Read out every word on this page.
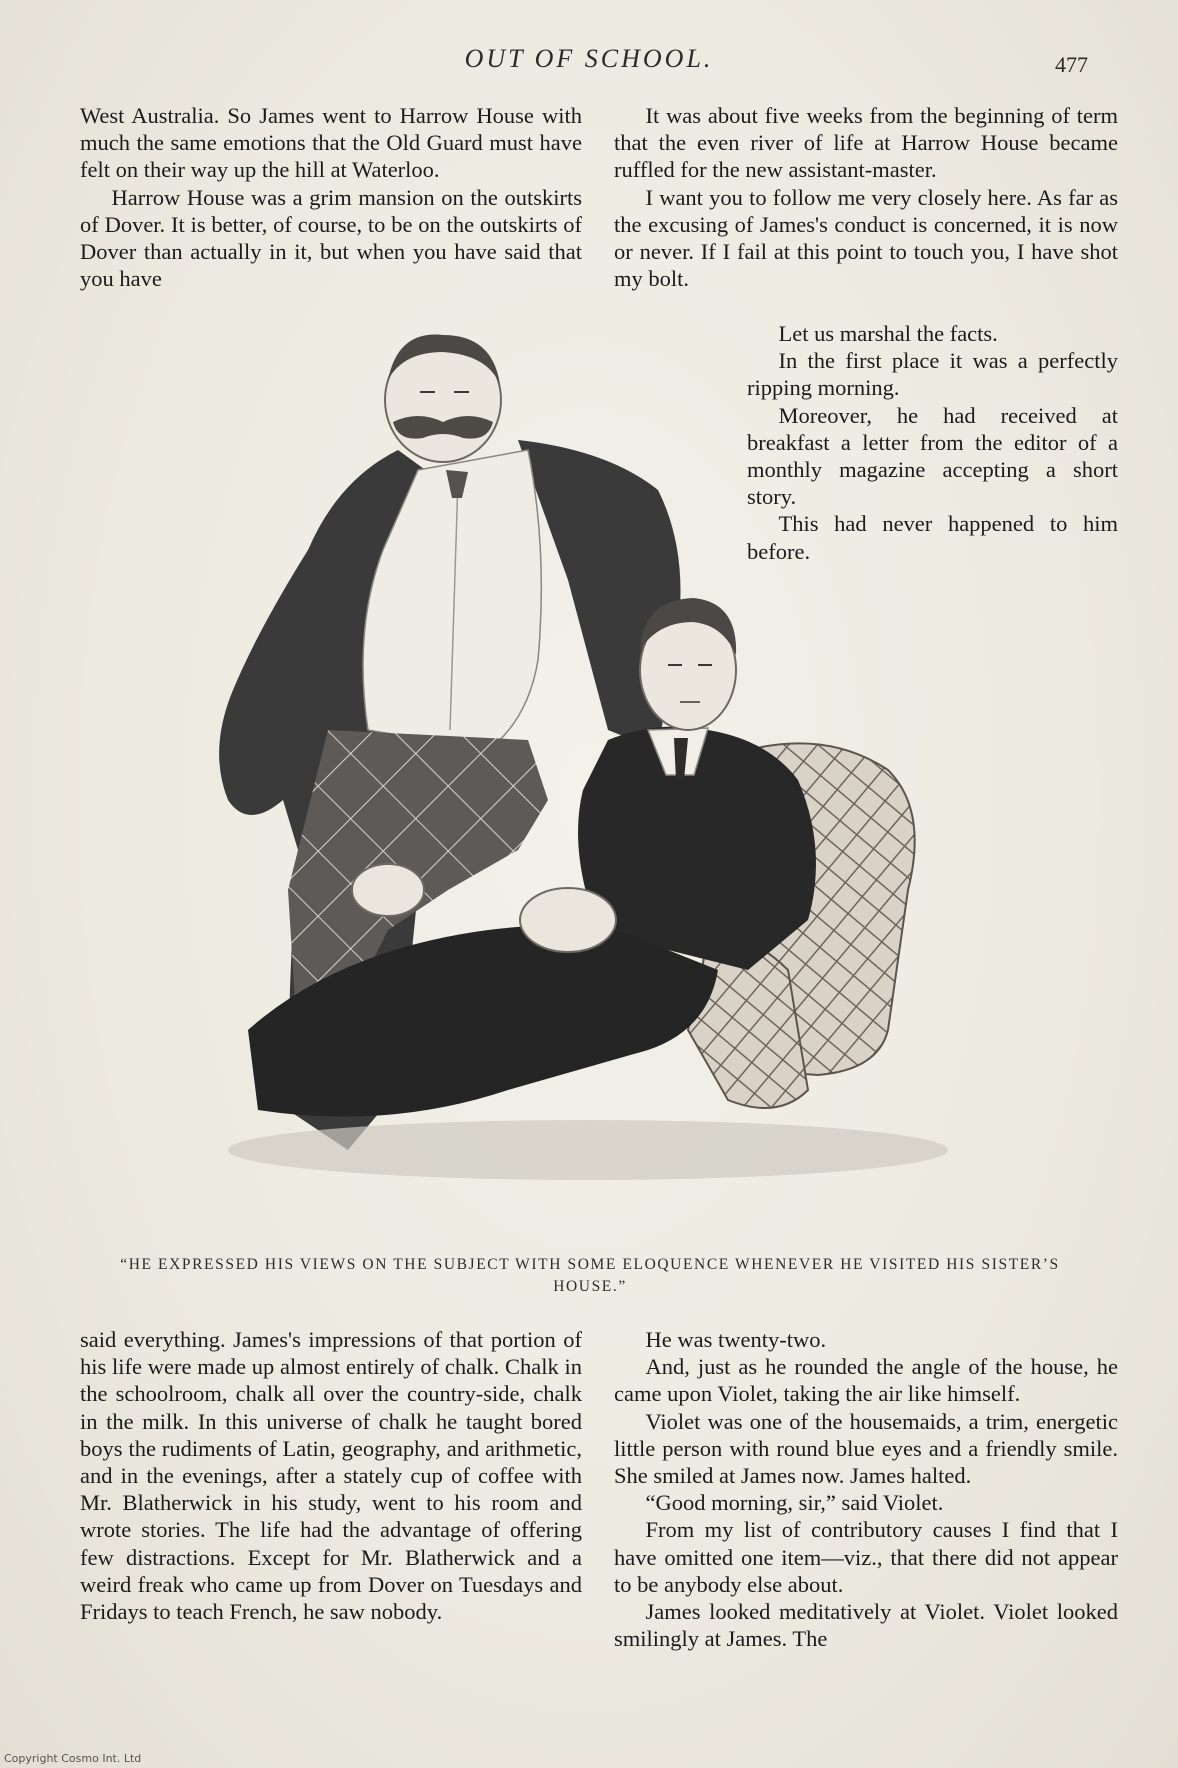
OUT OF SCHOOL.	477

West Australia. So James went to Harrow House with much the same emotions that the Old Guard must have felt on their way up the hill at Waterloo.

Harrow House was a grim mansion on the outskirts of Dover. It is better, of course, to be on the outskirts of Dover than actually in it, but when you have said that you have

It was about five weeks from the beginning of term that the even river of life at Harrow House became ruffled for the new assistant-master.

I want you to follow me very closely here. As far as the excusing of James's conduct is concerned, it is now or never. If I fail at this point to touch you, I have shot my bolt.

Let us marshal the facts.

In the first place it was a perfectly ripping morning.

Moreover, he had received at breakfast a letter from the editor of a monthly magazine accepting a short story.

This had never happened to him before.

“HE EXPRESSED HIS VIEWS ON THE SUBJECT WITH SOME ELOQUENCE WHENEVER HE VISITED HIS SISTER’S HOUSE.”

said everything. James's impressions of that portion of his life were made up almost entirely of chalk. Chalk in the schoolroom, chalk all over the country-side, chalk in the milk. In this universe of chalk he taught bored boys the rudiments of Latin, geography, and arithmetic, and in the evenings, after a stately cup of coffee with Mr. Blatherwick in his study, went to his room and wrote stories. The life had the advantage of offering few distractions. Except for Mr. Blatherwick and a weird freak who came up from Dover on Tuesdays and Fridays to teach French, he saw nobody.

He was twenty-two.

And, just as he rounded the angle of the house, he came upon Violet, taking the air like himself.

Violet was one of the housemaids, a trim, energetic little person with round blue eyes and a friendly smile. She smiled at James now. James halted.

“Good morning, sir,” said Violet.

From my list of contributory causes I find that I have omitted one item—viz., that there did not appear to be anybody else about.

James looked meditatively at Violet. Violet looked smilingly at James. The

Copyright Cosmo Int. Ltd
